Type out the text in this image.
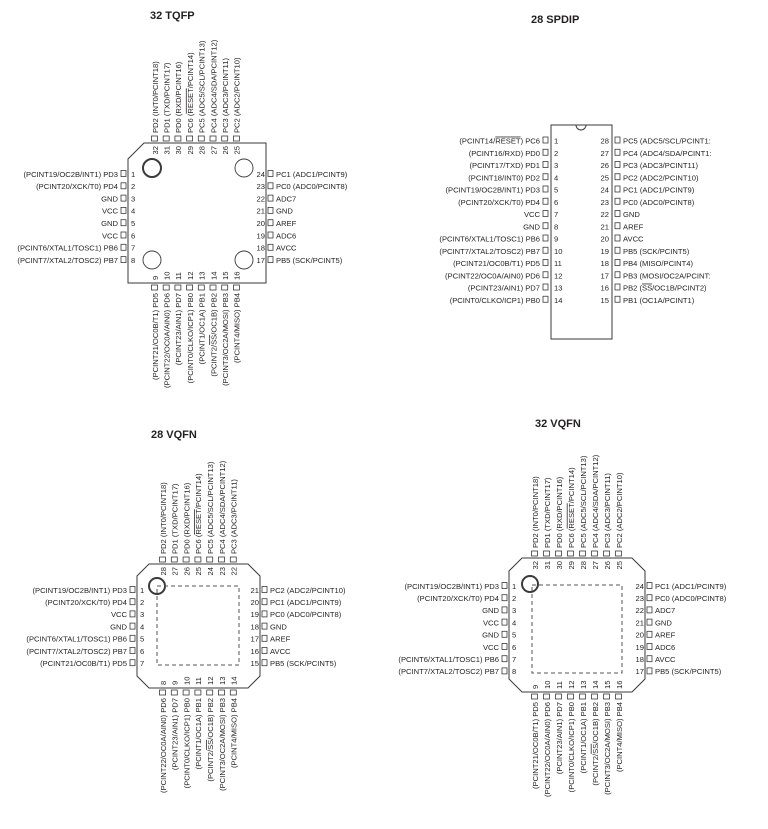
32 TQFP	28 SPDIP
28 VQFN
32 VQFN
1
(PCINT19/OC2B/INT1) PD3
2
(PCINT20/XCK/T0) PD4
3
GND
4
VCC
5
GND
6
VCC
7
(PCINT6/XTAL1/TOSC1) PB6
8
(PCINT7/XTAL2/TOSC2) PB7
24 PC1 (ADC1/PCINT9)
23 PC0 (ADC0/PCINT8)
22 ADC7
21 GND
20 AREF
19 ADC6
18 AVCC
17 PB5 (SCK/PCINT5)
32
PD2 (INT0/PCINT18)
31
PD1 (TXD/PCINT17)
30
PD0 (RXD/PCINT16)
29
PC6 (RESET/PCINT14)
28
PC5 (ADC5/SCL/PCINT13)
27
PC4 (ADC4/SDA/PCINT12)
26
PC3 (ADC3/PCINT11)
25
PC2 (ADC2/PCINT10)
9
(PCINT21/OC0B/T1) PD5
10
(PCINT22/OC0A/AIN0) PD6
11
(PCINT23/AIN1) PD7
12
(PCINT0/CLKO/ICP1) PB0
13
(PCINT1/OC1A) PB1
14
(PCINT2/SS/OC1B) PB2
15
(PCINT3/OC2A/MOSI) PB3
16
(PCINT4/MISO) PB4
1
(PCINT14/RESET) PC6
2
(PCINT16/RXD) PD0
3
(PCINT17/TXD) PD1
4
(PCINT18/INT0) PD2
5
(PCINT19/OC2B/INT1) PD3
6
(PCINT20/XCK/T0) PD4
7
VCC
8
GND
9
(PCINT6/XTAL1/TOSC1) PB6
10
(PCINT7/XTAL2/TOSC2) PB7
11
(PCINT21/OC0B/T1) PD5
12
(PCINT22/OC0A/AIN0) PD6
13
(PCINT23/AIN1) PD7
14
(PCINT0/CLKO/ICP1) PB0
28 PC5 (ADC5/SCL/PCINT1:
27 PC4 (ADC4/SDA/PCINT1:
26 PC3 (ADC3/PCINT11)
25 PC2 (ADC2/PCINT10)
24 PC1 (ADC1/PCINT9)
23 PC0 (ADC0/PCINT8)
22 GND
21 AREF
20 AVCC
19 PB5 (SCK/PCINT5)
18 PB4 (MISO/PCINT4)
17 PB3 (MOSI/OC2A/PCINT:
16 PB2 (SS/OC1B/PCINT2)
15 PB1 (OC1A/PCINT1)
1
(PCINT19/OC2B/INT1) PD3
2
(PCINT20/XCK/T0) PD4
3
VCC
4
GND
5
(PCINT6/XTAL1/TOSC1) PB6
6
(PCINT7/XTAL2/TOSC2) PB7
7
(PCINT21/OC0B/T1) PD5
21 PC2 (ADC2/PCINT10)
20 PC1 (ADC1/PCINT9)
19 PC0 (ADC0/PCINT8)
18 GND
17 AREF
16 AVCC
15 PB5 (SCK/PCINT5)
28
PD2 (INT0/PCINT18)
27
PD1 (TXD/PCINT17)
26
PD0 (RXD/PCINT16)
25
PC6 (RESET/PCINT14)
24
PC5 (ADC5/SCL/PCINT13)
23
PC4 (ADC4/SDA/PCINT12)
22
PC3 (ADC3/PCINT11)
8
(PCINT22/OC0A/AIN0) PD6
9
(PCINT23/AIN1) PD7
10
(PCINT0/CLKO/ICP1) PB0
11
(PCINT1/OC1A) PB1
12
(PCINT2/SS/OC1B) PB2
13
(PCINT3/OC2A/MOSI) PB3
14
(PCINT4/MISO) PB4
1
(PCINT19/OC2B/INT1) PD3
2
(PCINT20/XCK/T0) PD4
3
GND
4
VCC
5
GND
6
VCC
7
(PCINT6/XTAL1/TOSC1) PB6
8
(PCINT7/XTAL2/TOSC2) PB7
24 PC1 (ADC1/PCINT9)
23 PC0 (ADC0/PCINT8)
22 ADC7
21 GND
20 AREF
19 ADC6
18 AVCC
17 PB5 (SCK/PCINT5)
32
PD2 (INT0/PCINT18)
31
PD1 (TXD/PCINT17)
30
PD0 (RXD/PCINT16)
29
PC6 (RESET/PCINT14)
28
PC5 (ADC5/SCL/PCINT13)
27
PC4 (ADC4/SDA/PCINT12)
26
PC3 (ADC3/PCINT11)
25
PC2 (ADC2/PCINT10)
9
(PCINT21/OC0B/T1) PD5
10
(PCINT22/OC0A/AIN0) PD6
11
(PCINT23/AIN1) PD7
12
(PCINT0/CLKO/ICP1) PB0
13
(PCINT1/OC1A) PB1
14
(PCINT2/SS/OC1B) PB2
15
(PCINT3/OC2A/MOSI) PB3
16
(PCINT4/MISO) PB4
